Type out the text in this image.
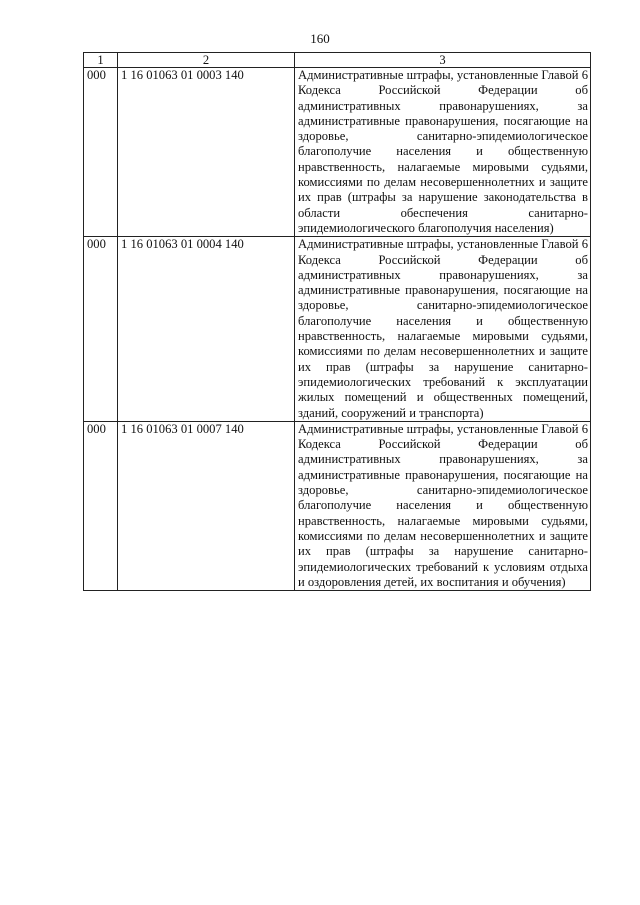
160
1	2	3
000	1 16 01063 01 0003 140	Административные штрафы, установленные Главой 6 Кодекса Российской Федерации об административных правонарушениях, за административные правонарушения, посягающие на здоровье, санитарно-эпидемиологическое благополучие населения и общественную нравственность, налагаемые мировыми судьями, комиссиями по делам несовершеннолетних и защите их прав (штрафы за нарушение законодательства в области обеспечения санитарно-эпидемиологического благополучия населения)
000	1 16 01063 01 0004 140	Административные штрафы, установленные Главой 6 Кодекса Российской Федерации об административных правонарушениях, за административные правонарушения, посягающие на здоровье, санитарно-эпидемиологическое благополучие населения и общественную нравственность, налагаемые мировыми судьями, комиссиями по делам несовершеннолетних и защите их прав (штрафы за нарушение санитарно-эпидемиологических требований к эксплуатации жилых помещений и общественных помещений, зданий, сооружений и транспорта)
000	1 16 01063 01 0007 140	Административные штрафы, установленные Главой 6 Кодекса Российской Федерации об административных правонарушениях, за административные правонарушения, посягающие на здоровье, санитарно-эпидемиологическое благополучие населения и общественную нравственность, налагаемые мировыми судьями, комиссиями по делам несовершеннолетних и защите их прав (штрафы за нарушение санитарно-эпидемиологических требований к условиям отдыха и оздоровления детей, их воспитания и обучения)
